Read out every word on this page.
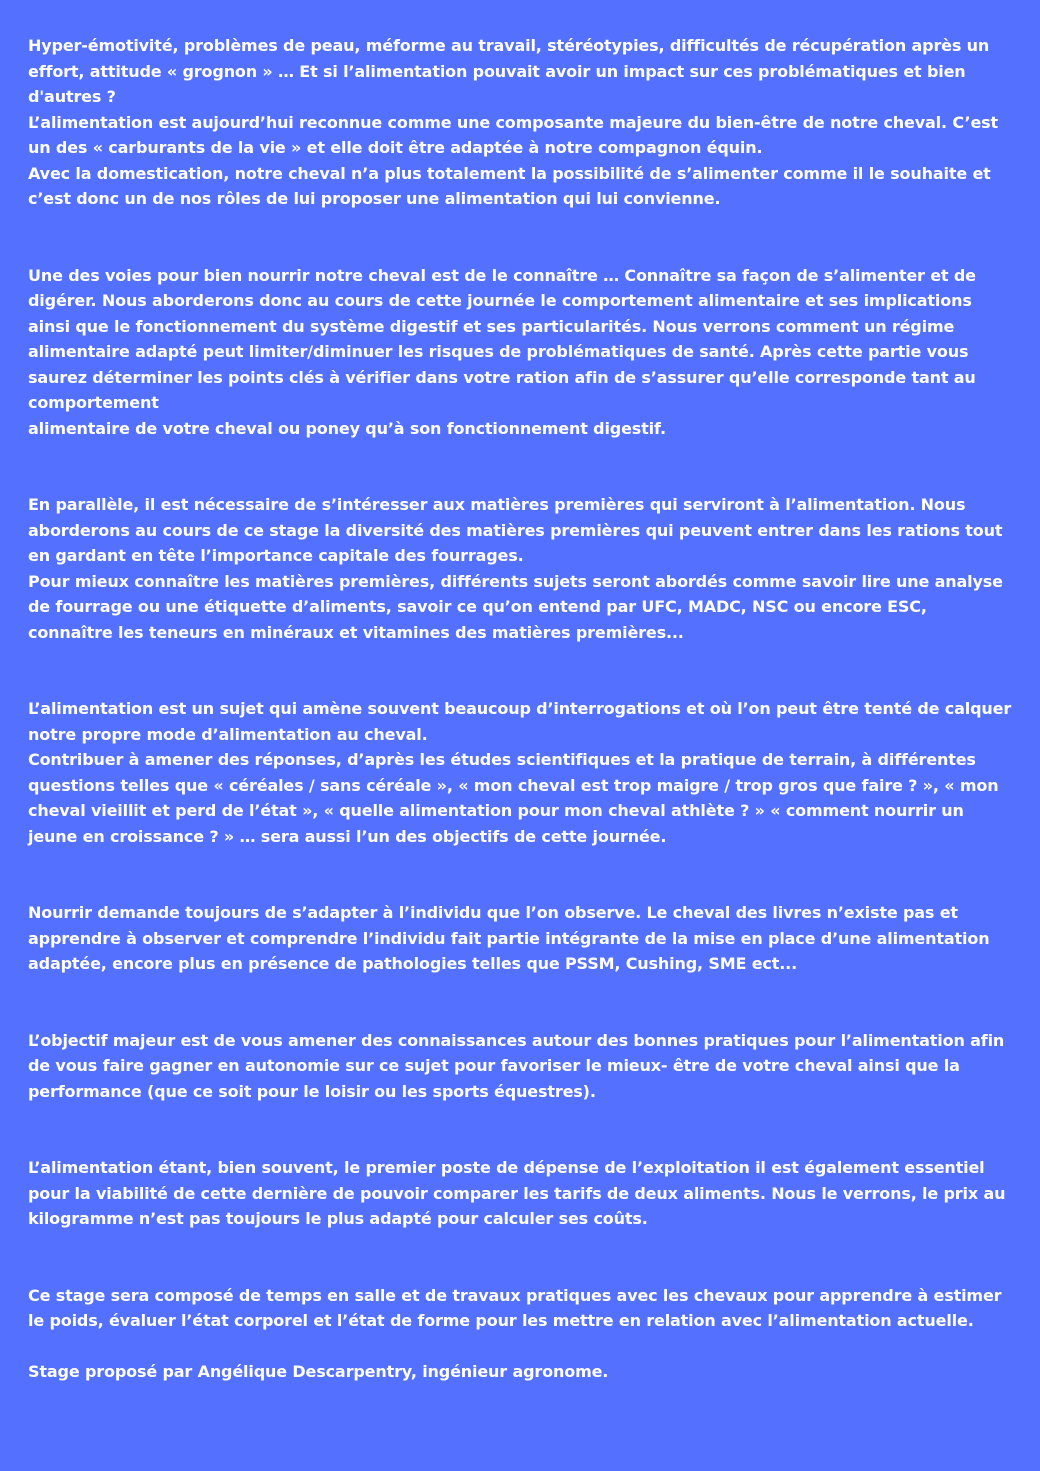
Hyper-émotivité, problèmes de peau, méforme au travail, stéréotypies, difficultés de récupération après un effort, attitude « grognon » … Et si l’alimentation pouvait avoir un impact sur ces problématiques et bien d'autres ?
L’alimentation est aujourd’hui reconnue comme une composante majeure du bien-être de notre cheval. C’est un des « carburants de la vie » et elle doit être adaptée à notre compagnon équin.
Avec la domestication, notre cheval n’a plus totalement la possibilité de s’alimenter comme il le souhaite et c’est donc un de nos rôles de lui proposer une alimentation qui lui convienne.

Une des voies pour bien nourrir notre cheval est de le connaître … Connaître sa façon de s’alimenter et de digérer. Nous aborderons donc au cours de cette journée le comportement alimentaire et ses implications ainsi que le fonctionnement du système digestif et ses particularités. Nous verrons comment un régime alimentaire adapté peut limiter/diminuer les risques de problématiques de santé. Après cette partie vous saurez déterminer les points clés à vérifier dans votre ration afin de s’assurer qu’elle corresponde tant au comportement
alimentaire de votre cheval ou poney qu’à son fonctionnement digestif.

En parallèle, il est nécessaire de s’intéresser aux matières premières qui serviront à l’alimentation. Nous aborderons au cours de ce stage la diversité des matières premières qui peuvent entrer dans les rations tout en gardant en tête l’importance capitale des fourrages.
Pour mieux connaître les matières premières, différents sujets seront abordés comme savoir lire une analyse de fourrage ou une étiquette d’aliments, savoir ce qu’on entend par UFC, MADC, NSC ou encore ESC, connaître les teneurs en minéraux et vitamines des matières premières...

L’alimentation est un sujet qui amène souvent beaucoup d’interrogations et où l’on peut être tenté de calquer notre propre mode d’alimentation au cheval.
Contribuer à amener des réponses, d’après les études scientifiques et la pratique de terrain, à différentes questions telles que « céréales / sans céréale », « mon cheval est trop maigre / trop gros que faire ? », « mon cheval vieillit et perd de l’état », « quelle alimentation pour mon cheval athlète ? » « comment nourrir un jeune en croissance ? » … sera aussi l’un des objectifs de cette journée.

Nourrir demande toujours de s’adapter à l’individu que l’on observe. Le cheval des livres n’existe pas et apprendre à observer et comprendre l’individu fait partie intégrante de la mise en place d’une alimentation adaptée, encore plus en présence de pathologies telles que PSSM, Cushing, SME ect...

L’objectif majeur est de vous amener des connaissances autour des bonnes pratiques pour l’alimentation afin de vous faire gagner en autonomie sur ce sujet pour favoriser le mieux- être de votre cheval ainsi que la performance (que ce soit pour le loisir ou les sports équestres).

L’alimentation étant, bien souvent, le premier poste de dépense de l’exploitation il est également essentiel pour la viabilité de cette dernière de pouvoir comparer les tarifs de deux aliments. Nous le verrons, le prix au kilogramme n’est pas toujours le plus adapté pour calculer ses coûts.

Ce stage sera composé de temps en salle et de travaux pratiques avec les chevaux pour apprendre à estimer le poids, évaluer l’état corporel et l’état de forme pour les mettre en relation avec l’alimentation actuelle.

Stage proposé par Angélique Descarpentry, ingénieur agronome.
